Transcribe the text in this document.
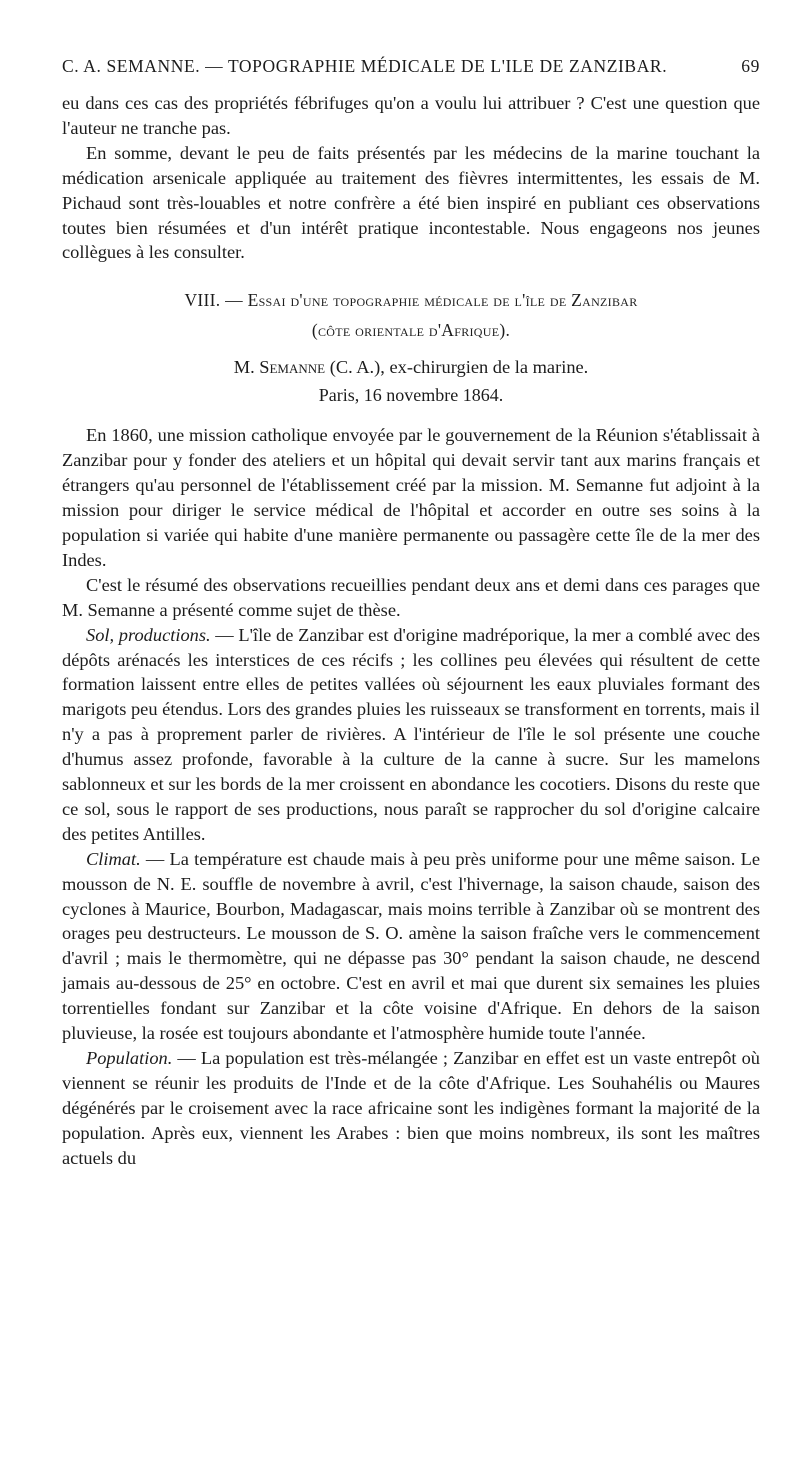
C. A. SEMANNE. — TOPOGRAPHIE MÉDICALE DE L'ILE DE ZANZIBAR.	69

eu dans ces cas des propriétés fébrifuges qu'on a voulu lui attribuer ? C'est une question que l'auteur ne tranche pas.

En somme, devant le peu de faits présentés par les médecins de la marine touchant la médication arsenicale appliquée au traitement des fièvres intermittentes, les essais de M. Pichaud sont très-louables et notre confrère a été bien inspiré en publiant ces observations toutes bien résumées et d'un intérêt pratique incontestable. Nous engageons nos jeunes collègues à les consulter.

VIII. — Essai d'une topographie médicale de l'île de Zanzibar
(côte orientale d'Afrique).

M. Semanne (C. A.), ex-chirurgien de la marine.

Paris, 16 novembre 1864.

En 1860, une mission catholique envoyée par le gouvernement de la Réunion s'établissait à Zanzibar pour y fonder des ateliers et un hôpital qui devait servir tant aux marins français et étrangers qu'au personnel de l'établissement créé par la mission. M. Semanne fut adjoint à la mission pour diriger le service médical de l'hôpital et accorder en outre ses soins à la population si variée qui habite d'une manière permanente ou passagère cette île de la mer des Indes.

C'est le résumé des observations recueillies pendant deux ans et demi dans ces parages que M. Semanne a présenté comme sujet de thèse.

Sol, productions. — L'île de Zanzibar est d'origine madréporique, la mer a comblé avec des dépôts arénacés les interstices de ces récifs ; les collines peu élevées qui résultent de cette formation laissent entre elles de petites vallées où séjournent les eaux pluviales formant des marigots peu étendus. Lors des grandes pluies les ruisseaux se transforment en torrents, mais il n'y a pas à proprement parler de rivières. A l'intérieur de l'île le sol présente une couche d'humus assez profonde, favorable à la culture de la canne à sucre. Sur les mamelons sablonneux et sur les bords de la mer croissent en abondance les cocotiers. Disons du reste que ce sol, sous le rapport de ses productions, nous paraît se rapprocher du sol d'origine calcaire des petites Antilles.

Climat. — La température est chaude mais à peu près uniforme pour une même saison. Le mousson de N. E. souffle de novembre à avril, c'est l'hivernage, la saison chaude, saison des cyclones à Maurice, Bourbon, Madagascar, mais moins terrible à Zanzibar où se montrent des orages peu destructeurs. Le mousson de S. O. amène la saison fraîche vers le commencement d'avril ; mais le thermomètre, qui ne dépasse pas 30° pendant la saison chaude, ne descend jamais au-dessous de 25° en octobre. C'est en avril et mai que durent six semaines les pluies torrentielles fondant sur Zanzibar et la côte voisine d'Afrique. En dehors de la saison pluvieuse, la rosée est toujours abondante et l'atmosphère humide toute l'année.

Population. — La population est très-mélangée ; Zanzibar en effet est un vaste entrepôt où viennent se réunir les produits de l'Inde et de la côte d'Afrique. Les Souhahélis ou Maures dégénérés par le croisement avec la race africaine sont les indigènes formant la majorité de la population. Après eux, viennent les Arabes : bien que moins nombreux, ils sont les maîtres actuels du
